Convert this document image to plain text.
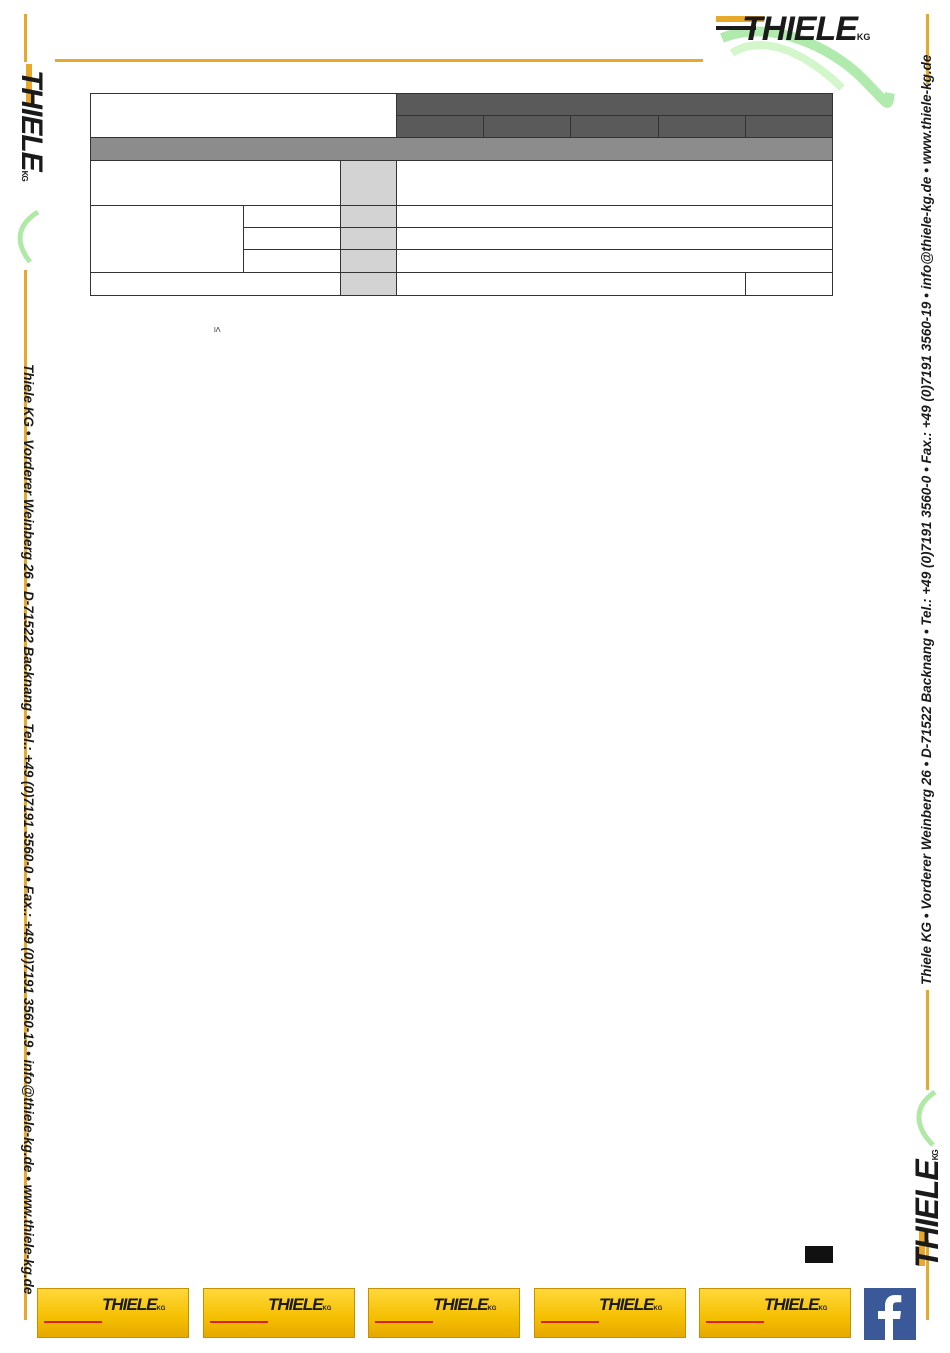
THIELEKG
THIELEKG
THIELEKG
Thiele KG • Vorderer Weinberg 26 • D-71522 Backnang • Tel.: +49 (0)7191 3560-0 • Fax.: +49 (0)7191 3560-19 • info@thiele-kg.de • www.thiele-kg.de	Thiele KG • Vorderer Weinberg 26 • D-71522 Backnang • Tel.: +49 (0)7191 3560-0 • Fax.: +49 (0)7191 3560-19 • info@thiele-kg.de • www.thiele-kg.de

≤
THIELEKG	THIELEKG	THIELEKG	THIELEKG	THIELEKG
